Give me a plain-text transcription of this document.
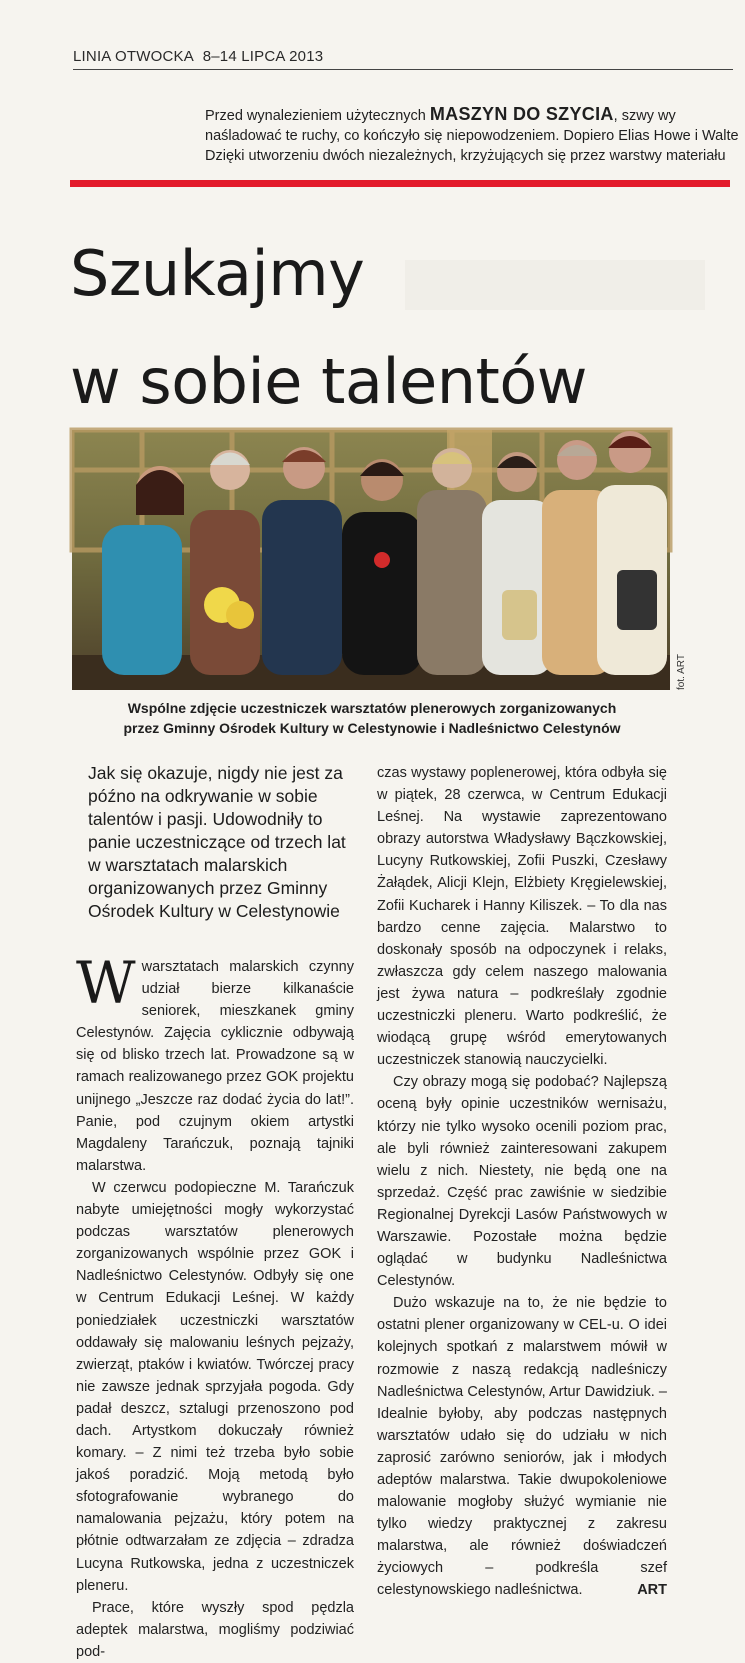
LINIA OTWOCKA 8–14 LIPCA 2013
Przed wynalezieniem użytecznych MASZYN DO SZYCIA, szwy wy
naśladować te ruchy, co kończyło się niepowodzeniem. Dopiero Elias Howe i Walte
Dzięki utworzeniu dwóch niezależnych, krzyżujących się przez warstwy materiału
Szukajmy
w sobie talentów
fot. ART
Wspólne zdjęcie uczestniczek warsztatów plenerowych zorganizowanych
przez Gminny Ośrodek Kultury w Celestynowie i Nadleśnictwo Celestynów
Jak się okazuje, nigdy nie jest za późno na odkrywanie w sobie talentów i pasji. Udowodniły to panie uczestniczące od trzech lat w warsztatach malarskich organizowanych przez Gminny Ośrodek Kultury w Celestynowie

W warsztatach malarskich czynny udział bierze kilkanaście seniorek, mieszkanek gminy Celestynów. Zajęcia cyklicznie odbywają się od blisko trzech lat. Prowadzone są w ramach realizowanego przez GOK projektu unijnego „Jeszcze raz dodać życia do lat!”. Panie, pod czujnym okiem artystki Magdaleny Tarańczuk, poznają tajniki malarstwa.

W czerwcu podopieczne M. Tarańczuk nabyte umiejętności mogły wykorzystać podczas warsztatów plenerowych zorganizowanych wspólnie przez GOK i Nadleśnictwo Celestynów. Odbyły się one w Centrum Edukacji Leśnej. W każdy poniedziałek uczestniczki warsztatów oddawały się malowaniu leśnych pejzaży, zwierząt, ptaków i kwiatów. Twórczej pracy nie zawsze jednak sprzyjała pogoda. Gdy padał deszcz, sztalugi przenoszono pod dach. Artystkom dokuczały również komary. – Z nimi też trzeba było sobie jakoś poradzić. Moją metodą było sfotografowanie wybranego do namalowania pejzażu, który potem na płótnie odtwarzałam ze zdjęcia – zdradza Lucyna Rutkowska, jedna z uczestniczek pleneru.

Prace, które wyszły spod pędzla adeptek malarstwa, mogliśmy podziwiać pod-

czas wystawy poplenerowej, która odbyła się w piątek, 28 czerwca, w Centrum Edukacji Leśnej. Na wystawie zaprezentowano obrazy autorstwa Władysławy Bączkowskiej, Lucyny Rutkowskiej, Zofii Puszki, Czesławy Żałądek, Alicji Klejn, Elżbiety Kręgielewskiej, Zofii Kucharek i Hanny Kiliszek. – To dla nas bardzo cenne zajęcia. Malarstwo to doskonały sposób na odpoczynek i relaks, zwłaszcza gdy celem naszego malowania jest żywa natura – podkreślały zgodnie uczestniczki pleneru. Warto podkreślić, że wiodącą grupę wśród emerytowanych uczestniczek stanowią nauczycielki.

Czy obrazy mogą się podobać? Najlepszą oceną były opinie uczestników wernisażu, którzy nie tylko wysoko ocenili poziom prac, ale byli również zainteresowani zakupem wielu z nich. Niestety, nie będą one na sprzedaż. Część prac zawiśnie w siedzibie Regionalnej Dyrekcji Lasów Państwowych w Warszawie. Pozostałe można będzie oglądać w budynku Nadleśnictwa Celestynów.

Dużo wskazuje na to, że nie będzie to ostatni plener organizowany w CEL-u. O idei kolejnych spotkań z malarstwem mówił w rozmowie z naszą redakcją nadleśniczy Nadleśnictwa Celestynów, Artur Dawidziuk. – Idealnie byłoby, aby podczas następnych warsztatów udało się do udziału w nich zaprosić zarówno seniorów, jak i młodych adeptów malarstwa. Takie dwupokoleniowe malowanie mogłoby służyć wymianie nie tylko wiedzy praktycznej z zakresu malarstwa, ale również doświadczeń życiowych – podkreśla szef celestynowskiego nadleśnictwa.	ART
